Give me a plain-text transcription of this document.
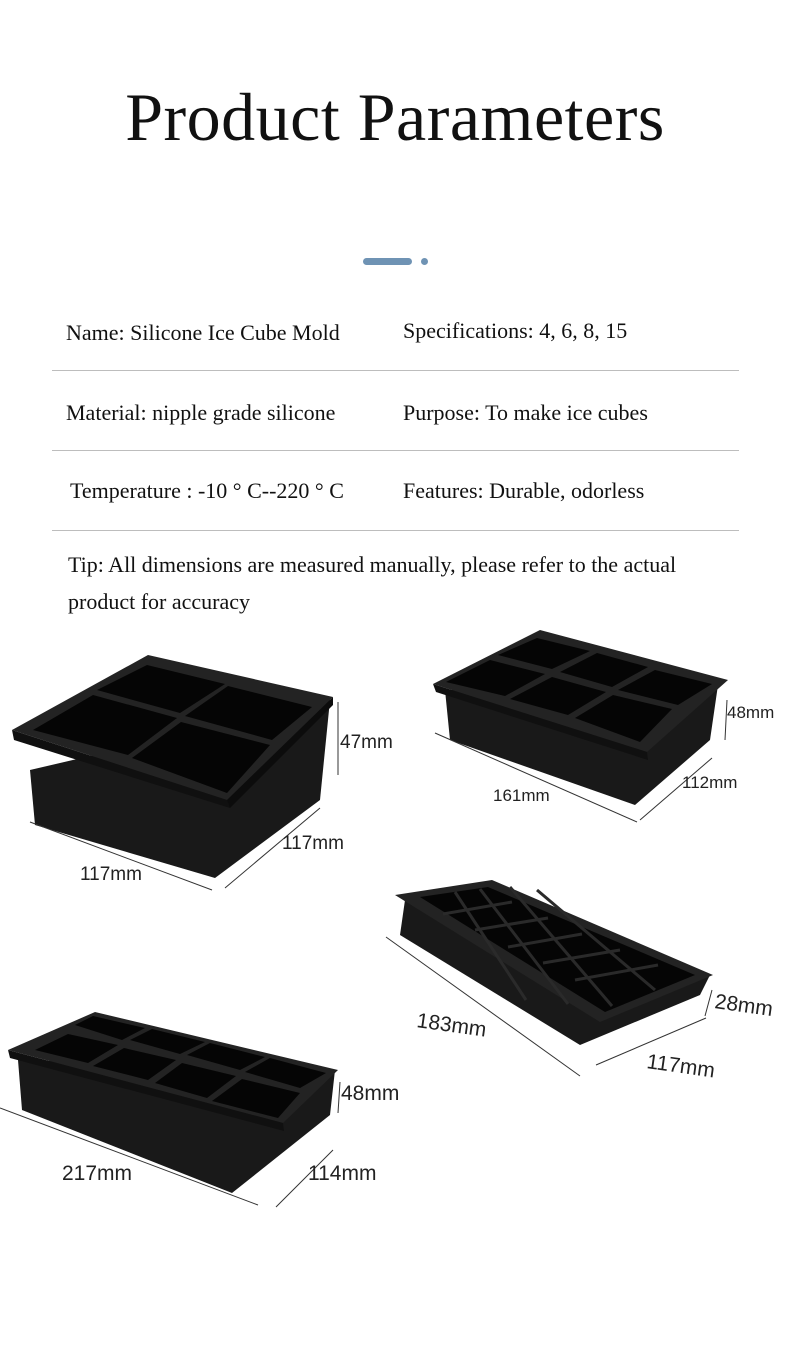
Product Parameters
Name: Silicone Ice Cube Mold	Specifications: 4, 6, 8, 15
Material: nipple grade silicone	Purpose: To make ice cubes
Temperature : -10 ° C--220 ° C	Features: Durable, odorless
Tip: All dimensions are measured manually, please refer to the actual product for accuracy
47mm
117mm
117mm
48mm
112mm
161mm
28mm
117mm
183mm
48mm
114mm
217mm
